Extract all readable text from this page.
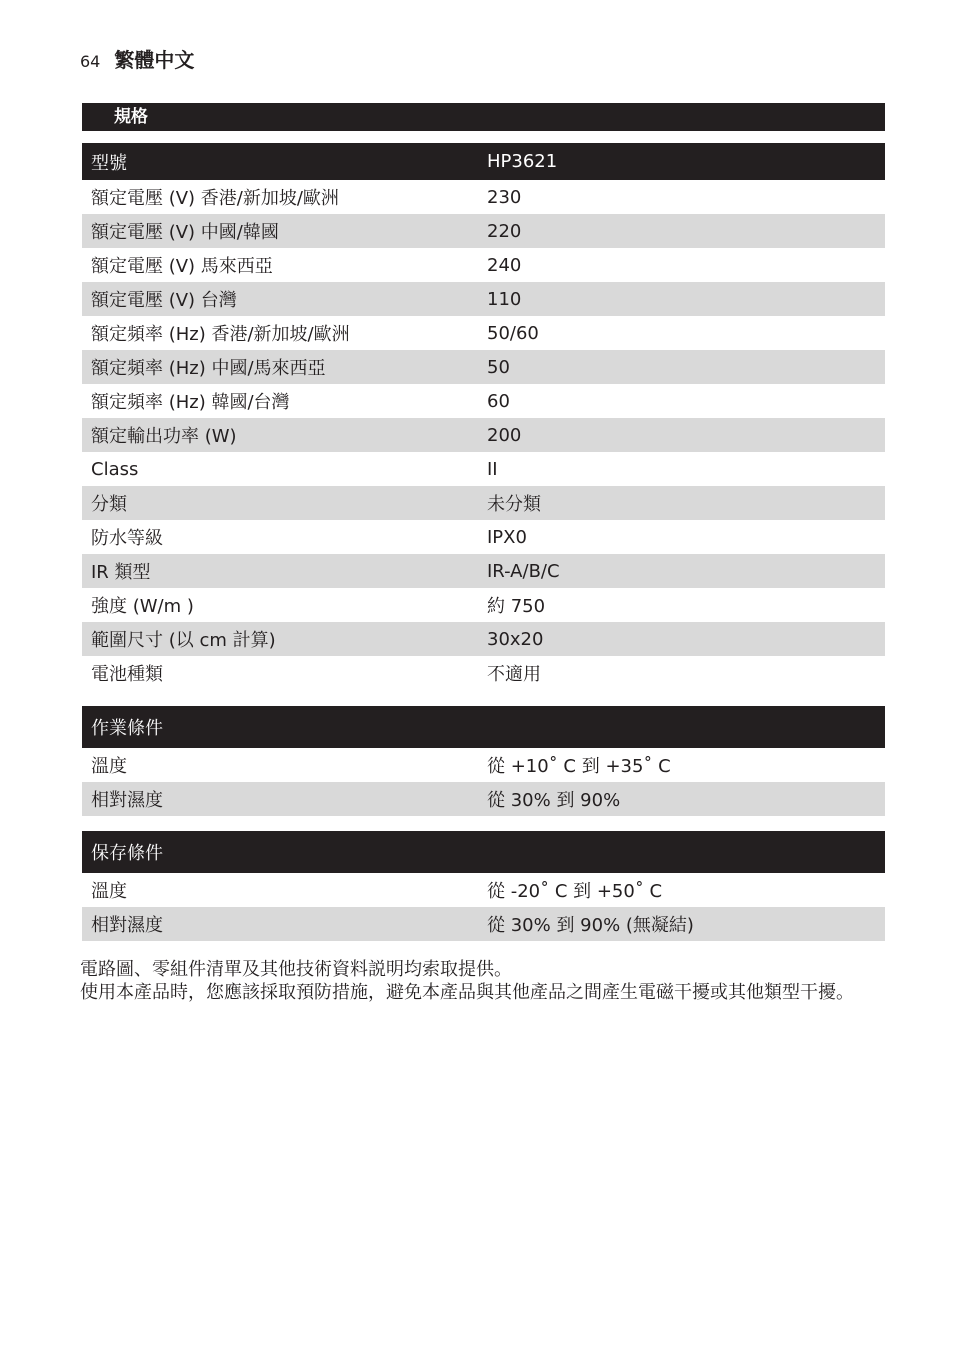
64 繁體中文
規格
型號	HP3621
額定電壓 (V) 香港/新加坡/歐洲	230
額定電壓 (V) 中國/韓國	220
額定電壓 (V) 馬來西亞	240
額定電壓 (V) 台灣	110
額定頻率 (Hz) 香港/新加坡/歐洲	50/60
額定頻率 (Hz) 中國/馬來西亞	50
額定頻率 (Hz) 韓國/台灣	60
額定輸出功率 (W)	200
Class	II
分類	未分類
防水等級	IPX0
IR 類型	IR-A/B/C
強度 (W/m )	約 750
範圍尺寸 (以 cm 計算)	30x20
電池種類	不適用
作業條件	
溫度	從 +10˚ C 到 +35˚ C
相對濕度	從 30% 到 90%
保存條件	
溫度	從 -20˚ C 到 +50˚ C
相對濕度	從 30% 到 90% (無凝結)

電路圖、零組件清單及其他技術資料説明均索取提供。

使用本產品時，您應該採取預防措施，避免本產品與其他產品之間產生電磁干擾或其他類型干擾。
